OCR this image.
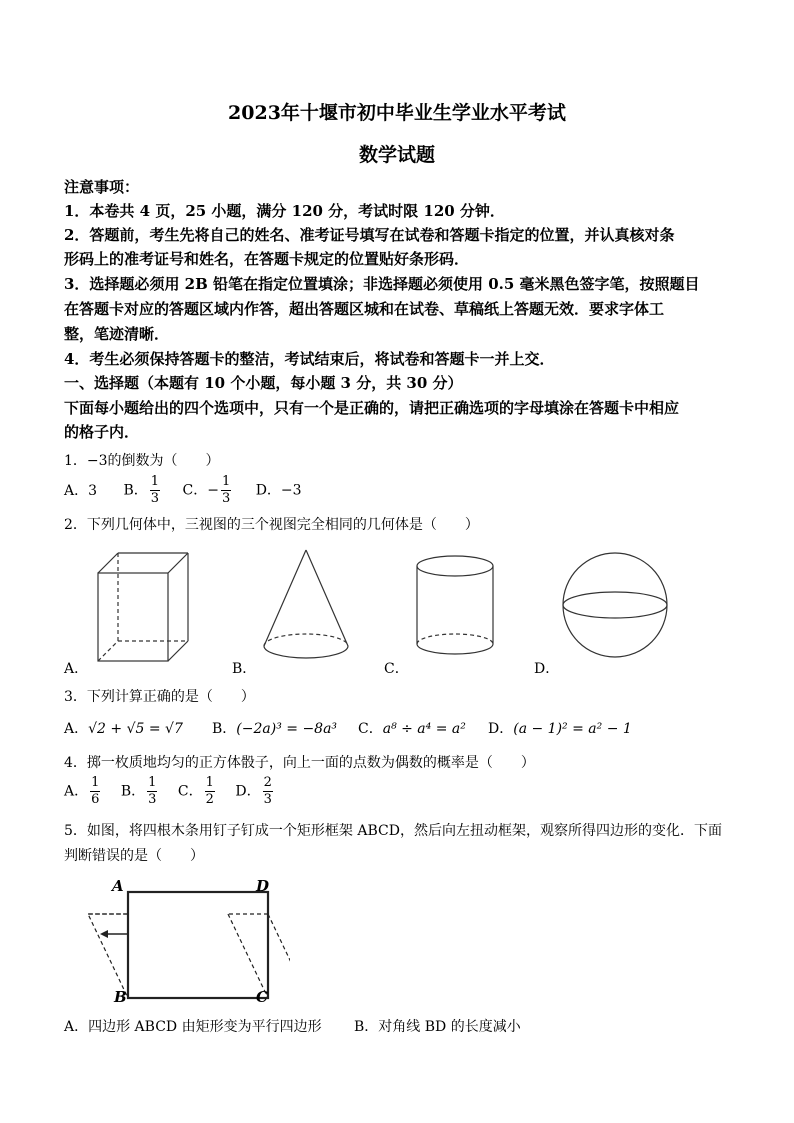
2023年十堰市初中毕业生学业水平考试
数学试题
注意事项：
1．本卷共 4 页，25 小题，满分 120 分，考试时限 120 分钟．
2．答题前，考生先将自己的姓名、准考证号填写在试卷和答题卡指定的位置，并认真核对条
形码上的准考证号和姓名，在答题卡规定的位置贴好条形码．
3．选择题必须用 2B 铅笔在指定位置填涂；非选择题必须使用 0.5 毫米黑色签字笔，按照题目
在答题卡对应的答题区域内作答，超出答题区城和在试卷、草稿纸上答题无效．要求字体工
整，笔迹清晰．
4．考生必须保持答题卡的整洁，考试结束后，将试卷和答题卡一并上交．
一、选择题（本题有 10 个小题，每小题 3 分，共 30 分）
下面每小题给出的四个选项中，只有一个是正确的，请把正确选项的字母填涂在答题卡中相应
的格子内．
1．−3的倒数为（　　）
A．3 B． $\frac{1}{3}$ C．− $\frac{1}{3}$ D．−3
2．下列几何体中，三视图的三个视图完全相同的几何体是（　　）
A．	B．	C．	D．
3．下列计算正确的是（　　）
A．√2 + √5 = √7 B．(−2a)³ = −8a³ C．a⁸ ÷ a⁴ = a² D．(a − 1)² = a² − 1
4．掷一枚质地均匀的正方体骰子，向上一面的点数为偶数的概率是（　　）
A． $\frac{1}{6}$ B． $\frac{1}{3}$ C． $\frac{1}{2}$ D． $\frac{2}{3}$
5．如图，将四根木条用钉子钉成一个矩形框架 ABCD，然后向左扭动框架，观察所得四边形的变化．下面
判断错误的是（　　）
A	D
B	C
A．四边形 ABCD 由矩形变为平行四边形 B．对角线 BD 的长度减小
